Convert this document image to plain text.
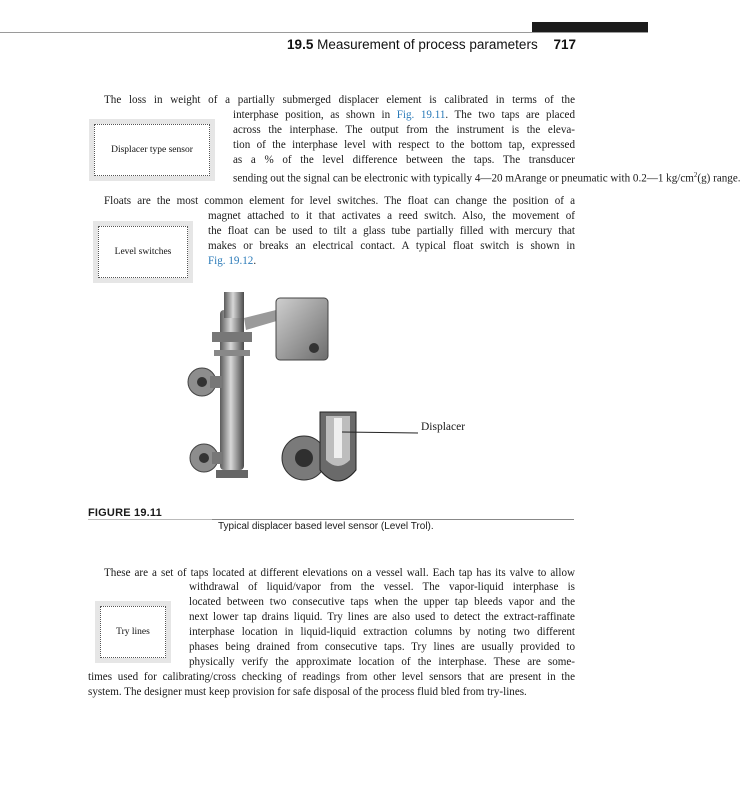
19.5 Measurement of process parameters 717
The loss in weight of a partially submerged displacer element is calibrated in terms of the
Displacer type sensor
interphase position, as shown in Fig. 19.11. The two taps are placed
across the interphase. The output from the instrument is the eleva-
tion of the interphase level with respect to the bottom tap, expressed
as a % of the level difference between the taps. The transducer
sending out the signal can be electronic with typically 4—20 mArange or pneumatic with 0.2—1 $kg/cm^2(g)$ range.
Floats are the most common element for level switches. The float can change the position of a
Level switches
magnet attached to it that activates a reed switch. Also, the movement of
the float can be used to tilt a glass tube partially filled with mercury that
makes or breaks an electrical contact. A typical float switch is shown in
Fig. 19.12.
Displacer
FIGURE 19.11
Typical displacer based level sensor (Level Trol).
These are a set of taps located at different elevations on a vessel wall. Each tap has its valve to allow
Try lines
withdrawal of liquid/vapor from the vessel. The vapor-liquid interphase is
located between two consecutive taps when the upper tap bleeds vapor and the
next lower tap drains liquid. Try lines are also used to detect the extract-raffinate
interphase location in liquid-liquid extraction columns by noting two different
phases being drained from consecutive taps. Try lines are usually provided to
physically verify the approximate location of the interphase. These are some-
times used for calibrating/cross checking of readings from other level sensors that are present in the
system. The designer must keep provision for safe disposal of the process fluid bled from try-lines.
